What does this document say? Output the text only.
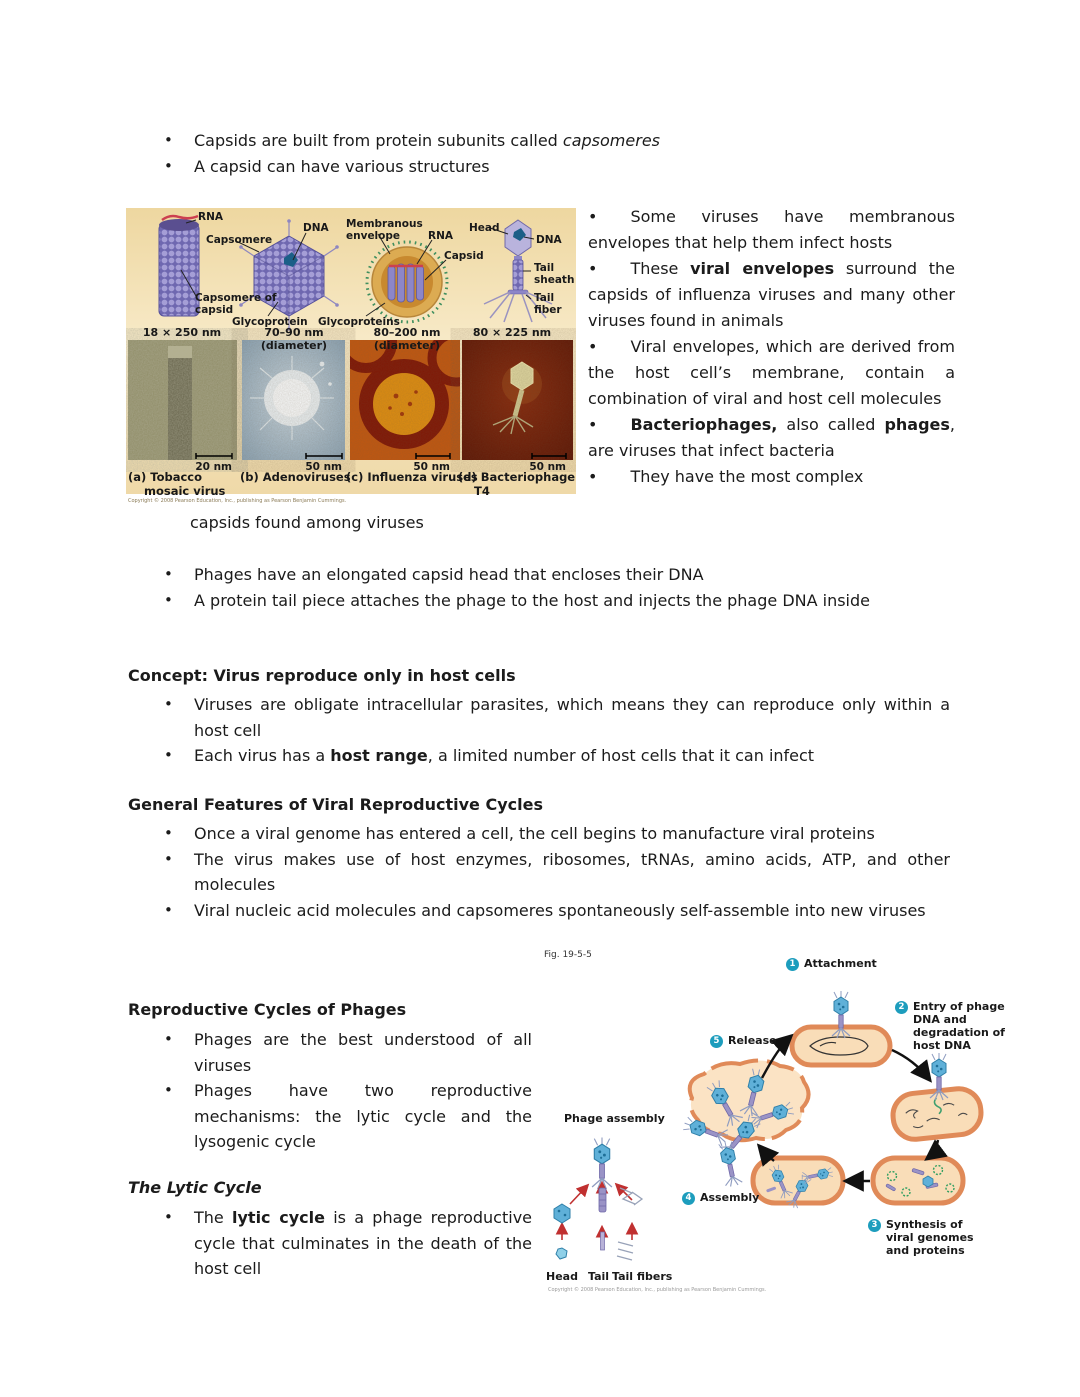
•	Capsids are built from protein subunits called capsomeres
•	A capsid can have various structures
RNA
Capsomere of capsid
Capsomere
DNA
Glycoprotein
Membranous envelope	RNA
Capsid
Glycoproteins
Head
DNA
Tail sheath
Tail fiber
18 × 250 nm	70–90 nm (diameter)
80–200 nm (diameter)
80 × 225 nm
20 nm	50 nm	50 nm	50 nm
(a) Tobacco mosaic virus
(b) Adenoviruses
(c) Influenza viruses
(d) Bacteriophage T4
Copyright © 2008 Pearson Education, Inc., publishing as Pearson Benjamin Cummings.

• Some viruses have membranous envelopes that help them infect hosts

• These viral envelopes surround the capsids of influenza viruses and many other viruses found in animals

• Viral envelopes, which are derived from the host cell’s membrane, contain a combination of viral and host cell molecules

• Bacteriophages, also called phages, are viruses that infect bacteria

• They have the most complex

capsids found among viruses
•	Phages have an elongated capsid head that encloses their DNA
•	A protein tail piece attaches the phage to the host and injects the phage DNA inside
Concept: Virus reproduce only in host cells
•	Viruses are obligate intracellular parasites, which means they can reproduce only within a host cell
•	Each virus has a host range, a limited number of host cells that it can infect
General Features of Viral Reproductive Cycles
•	Once a viral genome has entered a cell, the cell begins to manufacture viral proteins
•	The virus makes use of host enzymes, ribosomes, tRNAs, amino acids, ATP, and other molecules
•	Viral nucleic acid molecules and capsomeres spontaneously self-assemble into new viruses
Fig. 19-5-5
1 Attachment
2 Entry of phage DNA and degradation of host DNA
3 Synthesis of viral genomes and proteins
4 Assembly
5 Release
Phage assembly
Head Tail Tail fibers
Copyright © 2008 Pearson Education, Inc., publishing as Pearson Benjamin Cummings.
Reproductive Cycles of Phages
•	Phages are the best understood of all viruses
•	Phages have two reproductive mechanisms: the lytic cycle and the lysogenic cycle
The Lytic Cycle
•	The lytic cycle is a phage reproductive cycle that culminates in the death of the host cell
